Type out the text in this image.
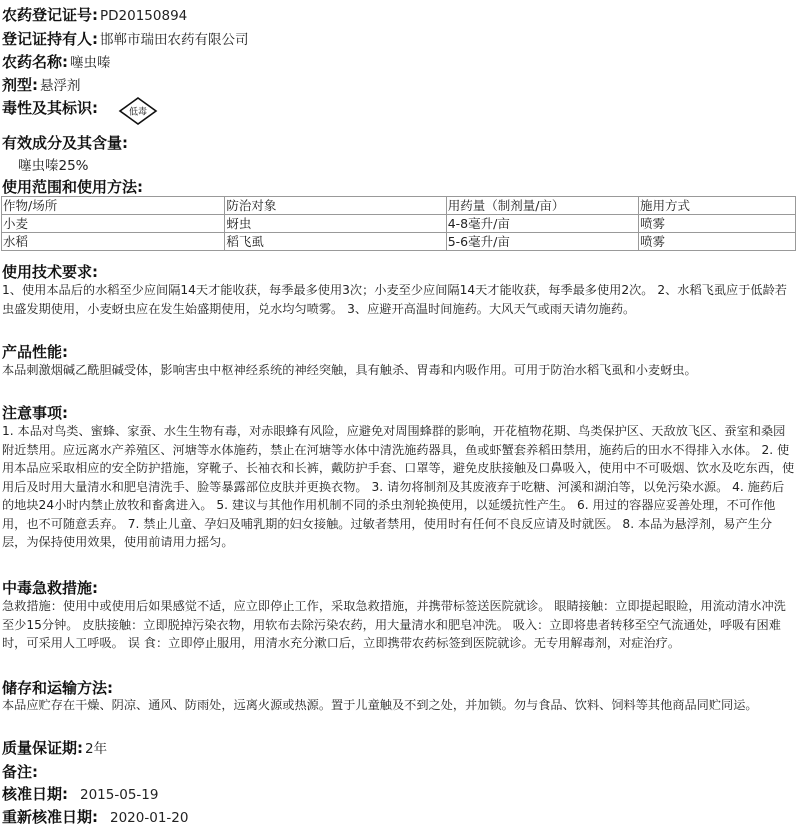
农药登记证号: PD20150894
登记证持有人: 邯郸市瑞田农药有限公司
农药名称: 噻虫嗪
剂型: 悬浮剂
毒性及其标识:	低毒
有效成分及其含量:
噻虫嗪25%
使用范围和使用方法:
作物/场所	防治对象	用药量（制剂量/亩）	施用方式
小麦	蚜虫	4-8毫升/亩	喷雾
水稻	稻飞虱	5-6毫升/亩	喷雾
使用技术要求:
1、使用本品后的水稻至少应间隔14天才能收获，每季最多使用3次；小麦至少应间隔14天才能收获，每季最多使用2次。 2、水稻飞虱应于低龄若虫盛发期使用，小麦蚜虫应在发生始盛期使用，兑水均匀喷雾。 3、应避开高温时间施药。大风天气或雨天请勿施药。
产品性能:
本品刺激烟碱乙酰胆碱受体，影响害虫中枢神经系统的神经突触，具有触杀、胃毒和内吸作用。可用于防治水稻飞虱和小麦蚜虫。
注意事项:
1. 本品对鸟类、蜜蜂、家蚕、水生生物有毒，对赤眼蜂有风险，应避免对周围蜂群的影响，开花植物花期、鸟类保护区、天敌放飞区、蚕室和桑园附近禁用。应远离水产养殖区、河塘等水体施药，禁止在河塘等水体中清洗施药器具，鱼或虾蟹套养稻田禁用，施药后的田水不得排入水体。 2. 使用本品应采取相应的安全防护措施，穿靴子、长袖衣和长裤，戴防护手套、口罩等，避免皮肤接触及口鼻吸入，使用中不可吸烟、饮水及吃东西，使用后及时用大量清水和肥皂清洗手、脸等暴露部位皮肤并更换衣物。 3. 请勿将制剂及其废液弃于吃糖、河溪和湖泊等，以免污染水源。 4. 施药后的地块24小时内禁止放牧和畜禽进入。 5. 建议与其他作用机制不同的杀虫剂轮换使用，以延缓抗性产生。 6. 用过的容器应妥善处理，不可作他用，也不可随意丢弃。 7. 禁止儿童、孕妇及哺乳期的妇女接触。过敏者禁用，使用时有任何不良反应请及时就医。 8. 本品为悬浮剂，易产生分层，为保持使用效果，使用前请用力摇匀。
中毒急救措施:
急救措施：使用中或使用后如果感觉不适，应立即停止工作，采取急救措施，并携带标签送医院就诊。 眼睛接触：立即提起眼睑，用流动清水冲洗至少15分钟。 皮肤接触：立即脱掉污染衣物，用软布去除污染农药，用大量清水和肥皂冲洗。 吸入：立即将患者转移至空气流通处，呼吸有困难时，可采用人工呼吸。 误 食：立即停止服用，用清水充分漱口后，立即携带农药标签到医院就诊。无专用解毒剂，对症治疗。
储存和运输方法:
本品应贮存在干燥、阴凉、通风、防雨处，远离火源或热源。置于儿童触及不到之处，并加锁。勿与食品、饮料、饲料等其他商品同贮同运。
质量保证期: 2年
备注:
核准日期: 2015-05-19
重新核准日期: 2020-01-20
